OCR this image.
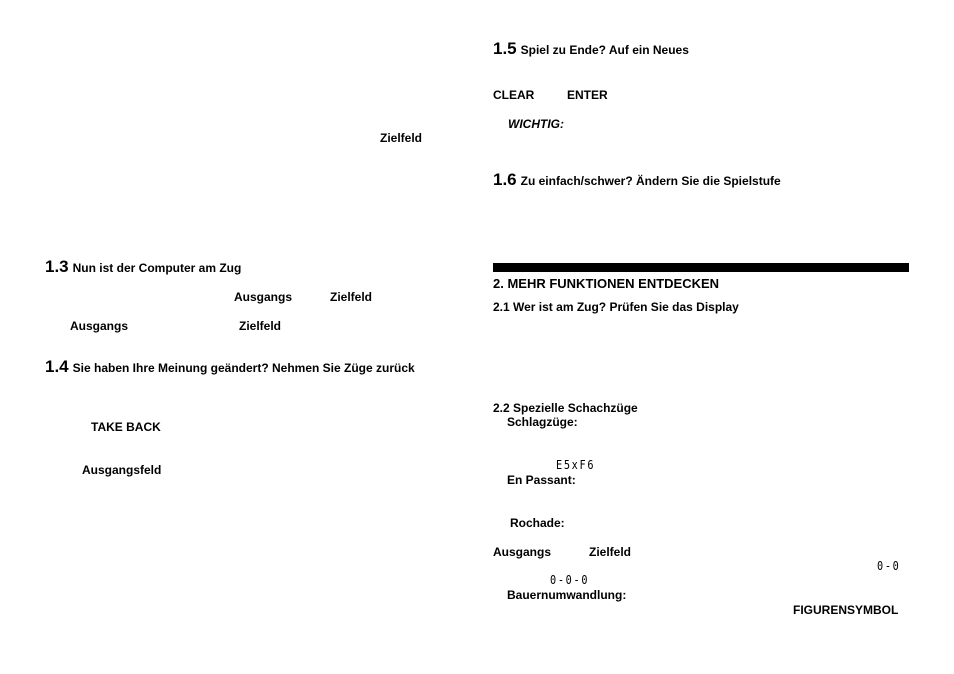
Zielfeld
1.3 Nun ist der Computer am Zug
Ausgangs	Zielfeld
Ausgangs	Zielfeld
1.4 Sie haben Ihre Meinung geändert? Nehmen Sie Züge zurück
TAKE BACK
Ausgangsfeld
1.5 Spiel zu Ende? Auf ein Neues
CLEAR	ENTER
WICHTIG:
1.6 Zu einfach/schwer? Ändern Sie die Spielstufe
2. MEHR FUNKTIONEN ENTDECKEN
2.1 Wer ist am Zug? Prüfen Sie das Display
2.2 Spezielle Schachzüge
Schlagzüge:
E5xF6
En Passant:
Rochade:
Ausgangs	Zielfeld
0-0
0-0-0
Bauernumwandlung:
FIGURENSYMBOL
